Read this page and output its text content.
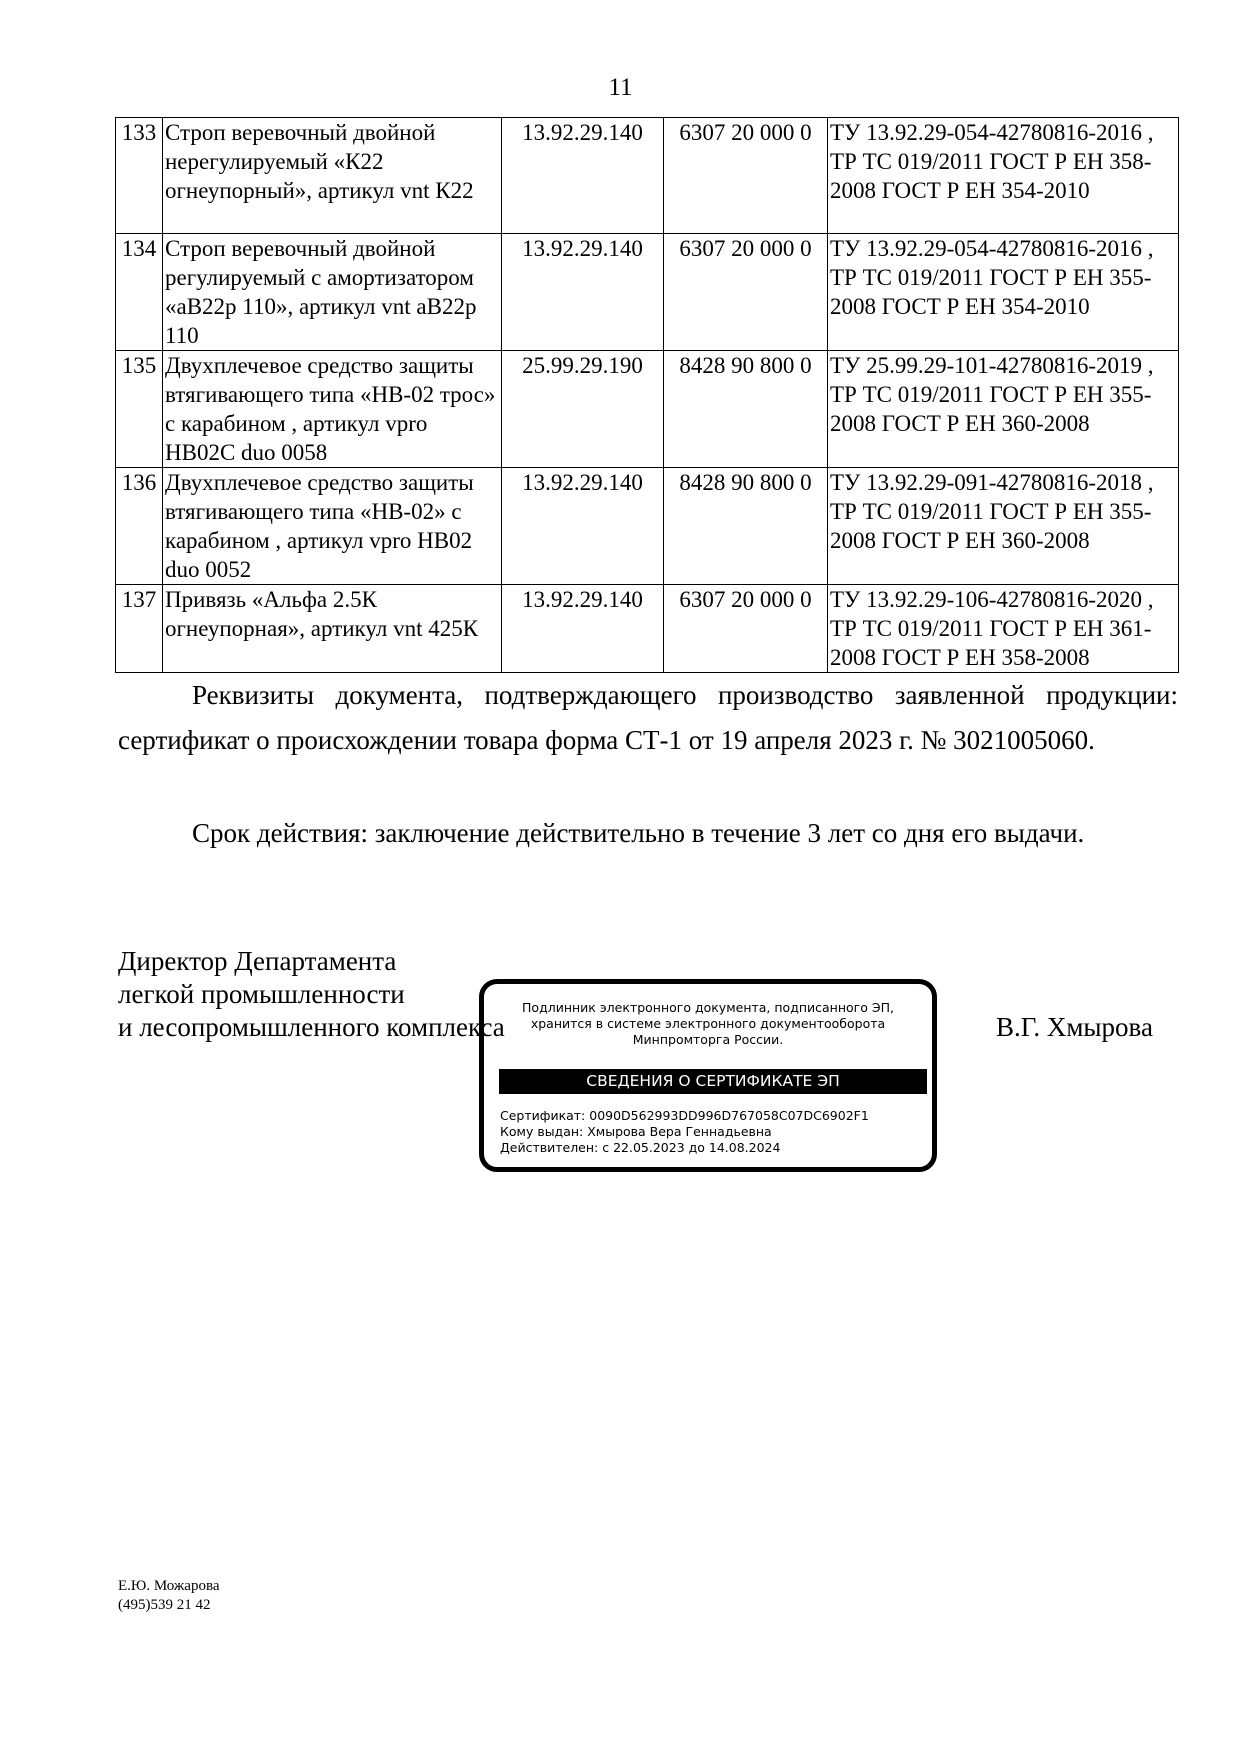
11
133	Строп веревочный двойной нерегулируемый «К22 огнеупорный», артикул vnt К22	13.92.29.140	6307 20 000 0	ТУ 13.92.29-054-42780816-2016 , ТР ТС 019/2011 ГОСТ Р ЕН 358-2008 ГОСТ Р ЕН 354-2010
134	Строп веревочный двойной регулируемый с амортизатором «аВ22р 110», артикул vnt аВ22р 110	13.92.29.140	6307 20 000 0	ТУ 13.92.29-054-42780816-2016 , ТР ТС 019/2011 ГОСТ Р ЕН 355-2008 ГОСТ Р ЕН 354-2010
135	Двухплечевое средство защиты втягивающего типа «НВ-02 трос» с карабином , артикул vpro НВ02С duo 0058	25.99.29.190	8428 90 800 0	ТУ 25.99.29-101-42780816-2019 , ТР ТС 019/2011 ГОСТ Р ЕН 355-2008 ГОСТ Р ЕН 360-2008
136	Двухплечевое средство защиты втягивающего типа «НВ-02» с карабином , артикул vpro НВ02 duo 0052	13.92.29.140	8428 90 800 0	ТУ 13.92.29-091-42780816-2018 , ТР ТС 019/2011 ГОСТ Р ЕН 355-2008 ГОСТ Р ЕН 360-2008
137	Привязь «Альфа 2.5К огнеупорная», артикул vnt 425К	13.92.29.140	6307 20 000 0	ТУ 13.92.29-106-42780816-2020 , ТР ТС 019/2011 ГОСТ Р ЕН 361-2008 ГОСТ Р ЕН 358-2008
Реквизиты документа, подтверждающего производство заявленной продукции: сертификат о происхождении товара форма СТ-1 от 19 апреля 2023 г. № 3021005060.
Срок действия: заключение действительно в течение 3 лет со дня его выдачи.
Директор Департамента
легкой промышленности
и лесопромышленного комплекса
Подлинник электронного документа, подписанного ЭП,
хранится в системе электронного документооборота
Минпромторга России.
СВЕДЕНИЯ О СЕРТИФИКАТЕ ЭП
Сертификат: 0090D562993DD996D767058C07DC6902F1
Кому выдан: Хмырова Вера Геннадьевна
Действителен: с 22.05.2023 до 14.08.2024
В.Г. Хмырова
Е.Ю. Можарова
(495)539 21 42
